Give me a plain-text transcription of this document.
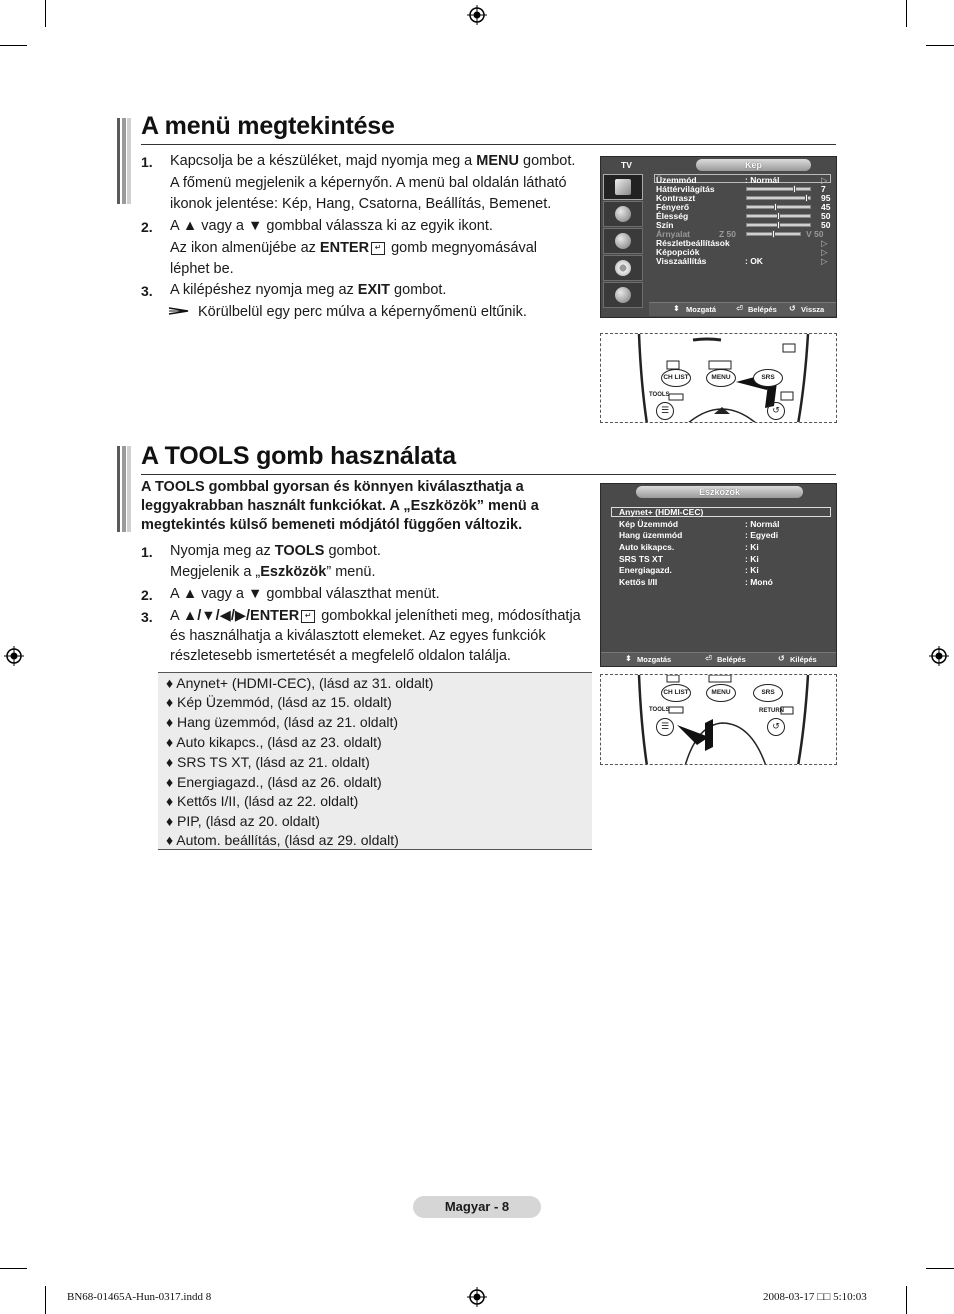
A menü megtekintése
1. Kapcsolja be a készüléket, majd nyomja meg a MENU gombot.
A főmenü megjelenik a képernyőn. A menü bal oldalán látható ikonok jelentése: Kép, Hang, Csatorna, Beállítás, Bemenet.
2. A ▲ vagy a ▼ gombbal válassza ki az egyik ikont.
Az ikon almenüjébe az ENTER ↵ gomb megnyomásával léphet be.
3. A kilépéshez nyomja meg az EXIT gombot.
Körülbelül egy perc múlva a képernyőmenü eltűnik.
TV	Kép
Üzemmód	: Normál	▷
Háttérvilágítás	7
Kontraszt	95
Fényerő	45
Élesség	50
Szín	50
Árnyalat	Z 50	V 50
Részletbeállítások	▷
Képopciók	▷
Visszaállítás	: OK	▷
⬍ Mozgatá	⏎ Belépés ↺ Vissza
CH LIST	MENU	SRS
TOOLS
☰	↺
A TOOLS gomb használata
A TOOLS gombbal gyorsan és könnyen kiválaszthatja a leggyakrabban használt funkciókat. A „Eszközök” menü a megtekintés külső bemeneti módjától függően változik.
1. Nyomja meg az TOOLS gombot.
Megjelenik a „Eszközök” menü.
2. A ▲ vagy a ▼ gombbal választhat menüt.
3. A ▲/▼/◀/▶/ENTER ↵ gombokkal jelenítheti meg, módosíthatja és használhatja a kiválasztott elemeket. Az egyes funkciók részletesebb ismertetését a megfelelő oldalon találja.
♦ Anynet+ (HDMI-CEC), (lásd az 31. oldalt)
♦ Kép Üzemmód, (lásd az 15. oldalt)
♦ Hang üzemmód, (lásd az 21. oldalt)
♦ Auto kikapcs., (lásd az 23. oldalt)
♦ SRS TS XT, (lásd az 21. oldalt)
♦ Energiagazd., (lásd az 26. oldalt)
♦ Kettős I/II, (lásd az 22. oldalt)
♦ PIP, (lásd az 20. oldalt)
♦ Autom. beállítás, (lásd az 29. oldalt)
Eszközök
Anynet+ (HDMI-CEC)
Kép Üzemmód	: Normál
Hang üzemmód	: Egyedi
Auto kikapcs.	: Ki
SRS TS XT	: Ki
Energiagazd.	: Ki
Kettős I/II	: Monó
⬍ Mozgatás	⏎ Belépés	↺ Kilépés
CH LIST	MENU	SRS
TOOLS
☰
RETURN
↺
Magyar - 8
BN68-01465A-Hun-0317.indd 8	2008-03-17 □□ 5:10:03
